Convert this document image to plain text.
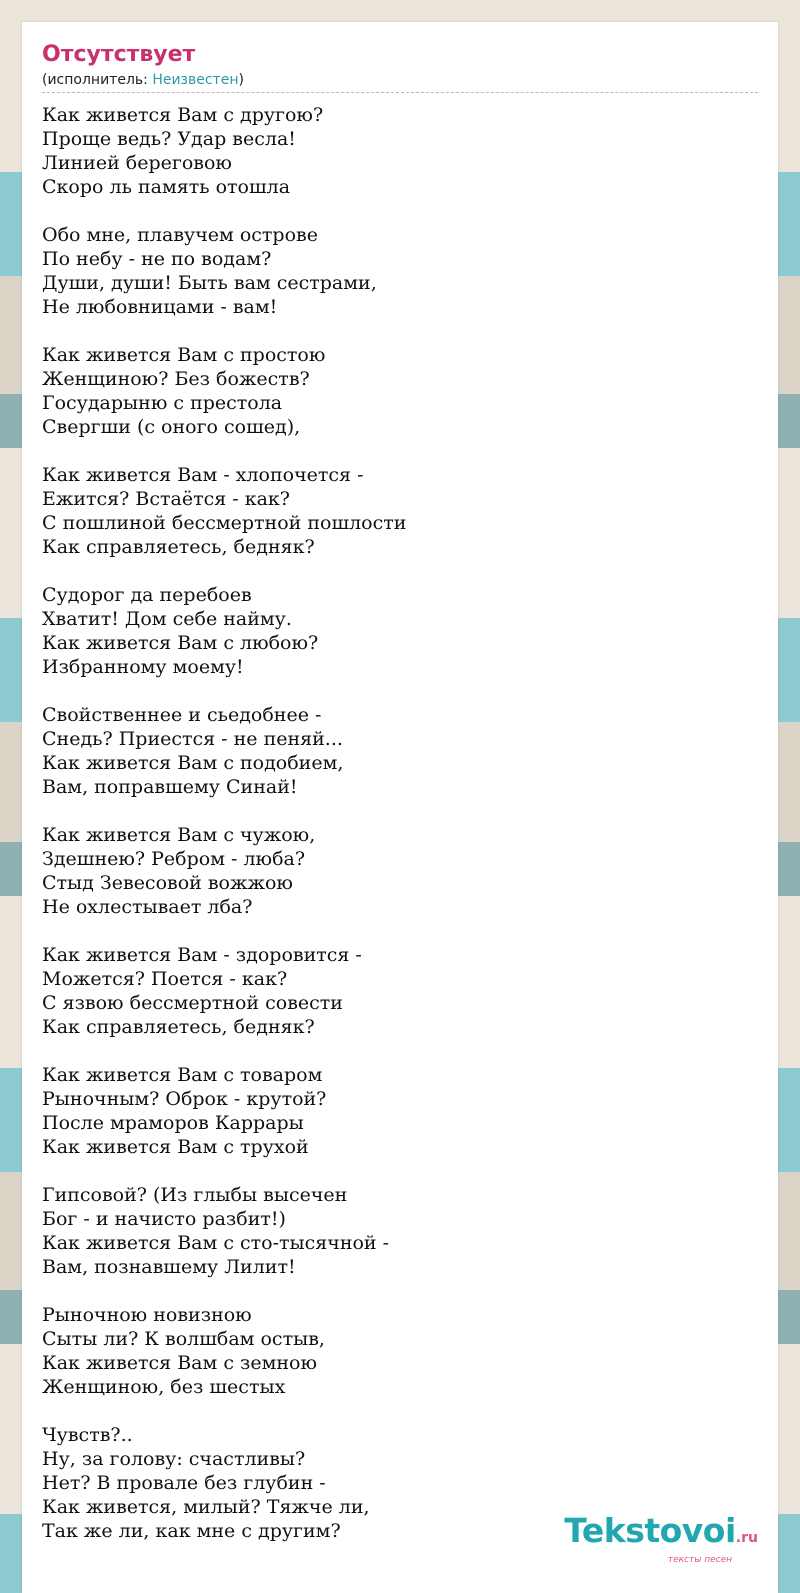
Отсутствует
(исполнитель: Неизвестен)
Как живется Вам с другою?
Проще ведь? Удар весла!
Линией береговою
Скоро ль память отошла
Обо мне, плавучем острове
По небу - не по водам?
Души, души! Быть вам сестрами,
Не любовницами - вам!
Как живется Вам с простою
Женщиною? Без божеств?
Государыню с престола
Свергши (с оного сошед),
Как живется Вам - хлопочется -
Ежится? Встаётся - как?
С пошлиной бессмертной пошлости
Как справляетесь, бедняк?
Судорог да перебоев
Хватит! Дом себе найму.
Как живется Вам с любою?
Избранному моему!
Свойственнее и сьедобнее -
Снедь? Приестся - не пеняй...
Как живется Вам с подобием,
Вам, поправшему Синай!
Как живется Вам с чужою,
Здешнею? Ребром - люба?
Стыд Зевесовой вожжою
Не охлестывает лба?
Как живется Вам - здоровится -
Можется? Поется - как?
С язвою бессмертной совести
Как справляетесь, бедняк?
Как живется Вам с товаром
Рыночным? Оброк - крутой?
После мраморов Каррары
Как живется Вам с трухой
Гипсовой? (Из глыбы высечен
Бог - и начисто разбит!)
Как живется Вам с сто-тысячной -
Вам, познавшему Лилит!
Рыночною новизною
Сыты ли? К волшбам остыв,
Как живется Вам с земною
Женщиною, без шестых
Чувств?..
Ну, за голову: счастливы?
Нет? В провале без глубин -
Как живется, милый? Тяжче ли,
Так же ли, как мне с другим?	Tekstovoi.ru
тексты песен
